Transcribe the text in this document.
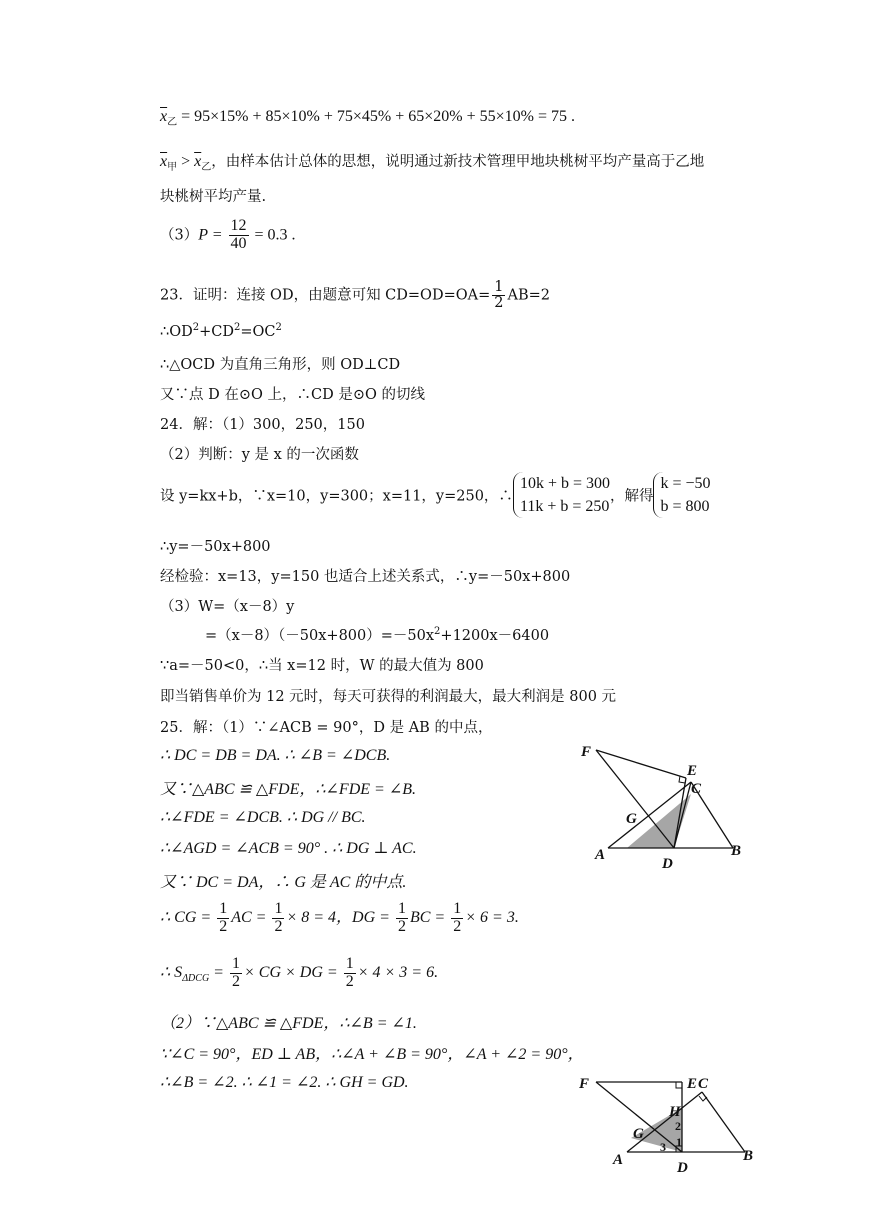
$\overline{x}_乙 = 95\times 15\% + 85\times 10\% + 75\times 45\% + 65\times 20\% + 55\times 10\% = 75$ .
$\overline{x}_甲 > \overline{x}_乙$，由样本估计总体的思想，说明通过新技术管理甲地块桃树平均产量高于乙地
块桃树平均产量.
$(3)P = \frac{12}{40} = 0.3$ .
23．证明：连接 OD，由题意可知 $CD=OD=OA= \frac{1}{2} AB=2$
$\therefore OD^2+CD^2=OC^2$
∴△OCD 为直角三角形，则 OD⊥CD
又∵点 D 在⊙O 上，∴CD 是⊙O 的切线
24．解：（1）300，250，150
（2）判断：y 是 x 的一次函数
设 y=kx+b，∵x=10，y=300；x=11，y=250，∴
10k + b = 300
11k + b = 250
，解得
k = −50
b = 800
∴y=－50x+800
经检验：x=13，y=150 也适合上述关系式，∴y=－50x+800
（3）W=（x－8）y
$=(x-8)(-50x+800)=-50x^2+1200x-6400$
∵a=－50<0，∴当 x=12 时，W 的最大值为 800
即当销售单价为 12 元时，每天可获得的利润最大，最大利润是 800 元
25．解：（1）∵∠ACB = 90°，D 是 AB 的中点，
∴ DC = DB = DA. ∴ ∠B = ∠DCB.
又∵△ABC ≌ △FDE，∴∠FDE = ∠B.
∴∠FDE = ∠DCB. ∴ DG // BC.
∴∠AGD = ∠ACB = 90° . ∴ DG ⊥ AC.
又∵ DC = DA，∴ G 是 AC 的中点.
∴ CG = $\frac{1}{2}$ AC = $\frac{1}{2} \times 8 = 4$，DG = $\frac{1}{2}$ BC = $\frac{1}{2} \times 6 = 3$.
∴ $S_{\Delta DCG} = \frac{1}{2}$ × CG × DG = $\frac{1}{2} \times 4 \times 3 = 6$.
（2）∵△ABC ≌ △FDE，∴∠B = ∠1.
∵∠C = 90°，ED ⊥ AB，∴∠A + ∠B = 90°，∠A + ∠2 = 90°，
∴∠B = ∠2. ∴ ∠1 = ∠2. ∴ GH = GD.
F
E
C
G
A
D
B
F	E C
H
G
A	D
B
2
1
3
